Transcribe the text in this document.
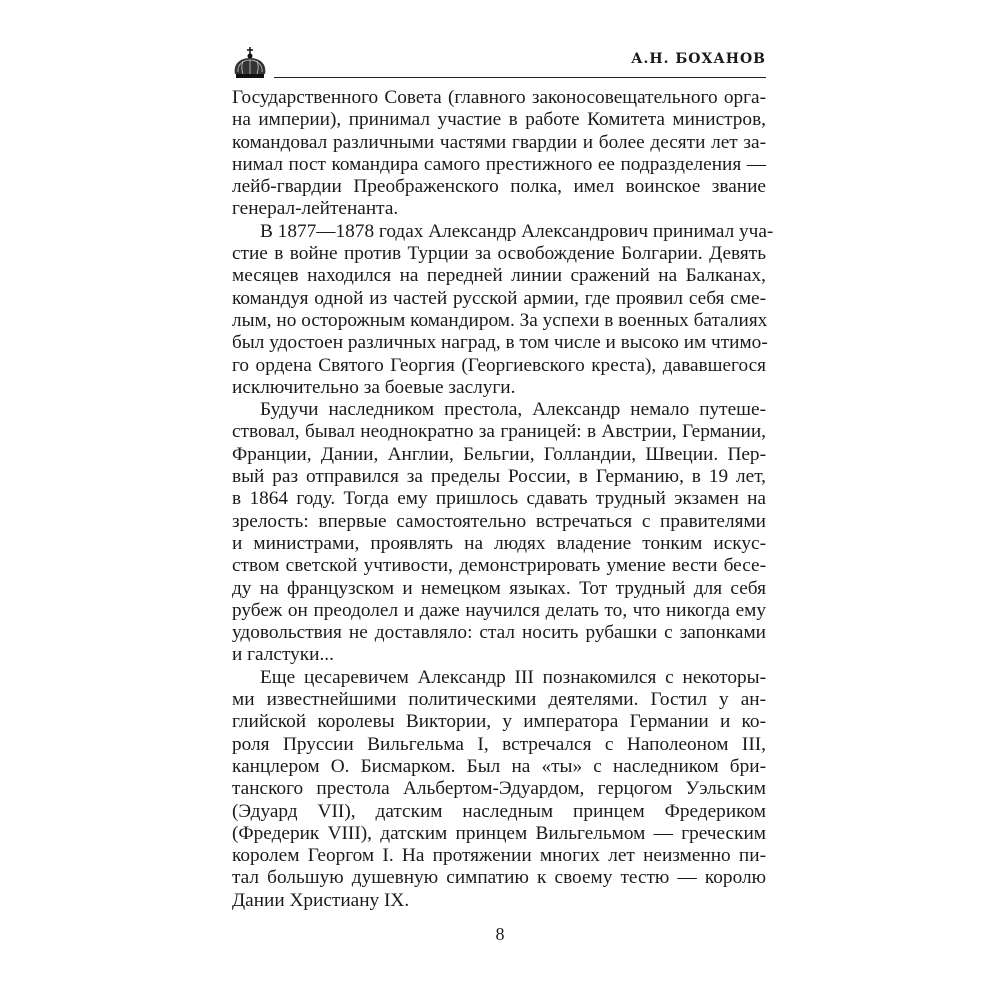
А.Н. БОХАНОВ
Государственного Совета (главного законосовещательного орга-
на империи), принимал участие в работе Комитета министров,
командовал различными частями гвардии и более десяти лет за-
нимал пост командира самого престижного ее подразделения —
лейб-гвардии Преображенского полка, имел воинское звание
генерал-лейтенанта.
В 1877—1878 годах Александр Александрович принимал уча-
стие в войне против Турции за освобождение Болгарии. Девять
месяцев находился на передней линии сражений на Балканах,
командуя одной из частей русской армии, где проявил себя сме-
лым, но осторожным командиром. За успехи в военных баталиях
был удостоен различных наград, в том числе и высоко им чтимо-
го ордена Святого Георгия (Георгиевского креста), дававшегося
исключительно за боевые заслуги.
Будучи наследником престола, Александр немало путеше-
ствовал, бывал неоднократно за границей: в Австрии, Германии,
Франции, Дании, Англии, Бельгии, Голландии, Швеции. Пер-
вый раз отправился за пределы России, в Германию, в 19 лет,
в 1864 году. Тогда ему пришлось сдавать трудный экзамен на
зрелость: впервые самостоятельно встречаться с правителями
и министрами, проявлять на людях владение тонким искус-
ством светской учтивости, демонстрировать умение вести бесе-
ду на французском и немецком языках. Тот трудный для себя
рубеж он преодолел и даже научился делать то, что никогда ему
удовольствия не доставляло: стал носить рубашки с запонками
и галстуки...
Еще цесаревичем Александр III познакомился с некоторы-
ми известнейшими политическими деятелями. Гостил у ан-
глийской королевы Виктории, у императора Германии и ко-
роля Пруссии Вильгельма I, встречался с Наполеоном III,
канцлером О. Бисмарком. Был на «ты» с наследником бри-
танского престола Альбертом-Эдуардом, герцогом Уэльским
(Эдуард VII), датским наследным принцем Фредериком
(Фредерик VIII), датским принцем Вильгельмом — греческим
королем Георгом I. На протяжении многих лет неизменно пи-
тал большую душевную симпатию к своему тестю — королю
Дании Христиану IX.
8
